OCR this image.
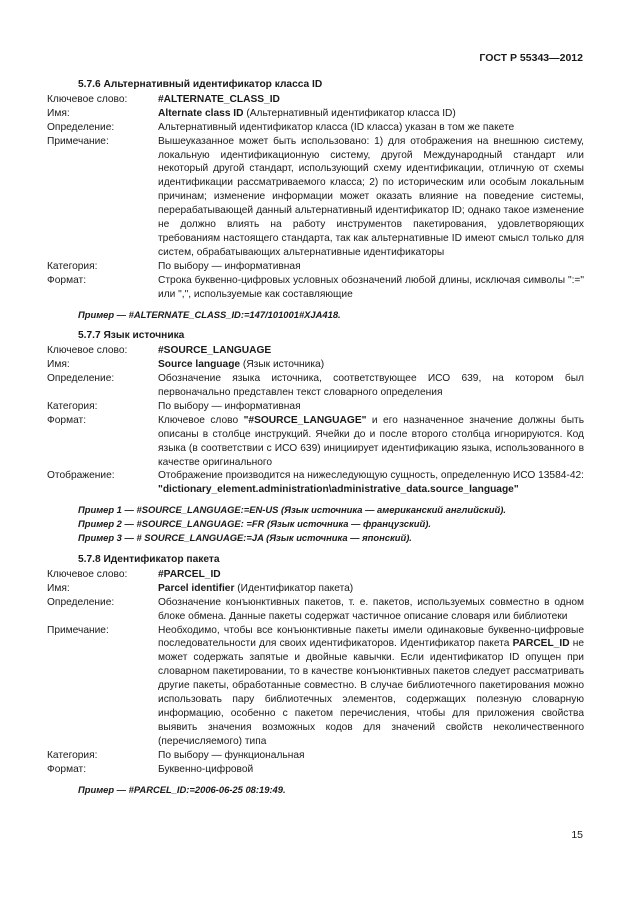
ГОСТ Р 55343—2012
5.7.6 Альтернативный идентификатор класса ID
Ключевое слово:	#ALTERNATE_CLASS_ID
Имя:	Alternate class ID (Альтернативный идентификатор класса ID)
Определение:	Альтернативный идентификатор класса (ID класса) указан в том же пакете
Примечание:	Вышеуказанное может быть использовано: 1) для отображения на внешнюю систему, локальную идентификационную систему, другой Международный стандарт или некоторый другой стандарт, использующий схему идентификации, отличную от схемы идентификации рассматриваемого класса; 2) по историческим или особым локальным причинам; изменение информации может оказать влияние на поведение системы, перерабатывающей данный альтернативный идентификатор ID; однако такое изменение не должно влиять на работу инструментов пакетирования, удовлетворяющих требованиям настоящего стандарта, так как альтернативные ID имеют смысл только для систем, обрабатывающих альтернативные идентификаторы
Категория:	По выбору — информативная
Формат:	Строка буквенно-цифровых условных обозначений любой длины, исключая символы ":=" или ",", используемые как составляющие
Пример — #ALTERNATE_CLASS_ID:=147/101001#XJA418.
5.7.7 Язык источника
Ключевое слово:	#SOURCE_LANGUAGE
Имя:	Source language (Язык источника)
Определение:	Обозначение языка источника, соответствующее ИСО 639, на котором был первоначально представлен текст словарного определения
Категория:	По выбору — информативная
Формат:	Ключевое слово "#SOURCE_LANGUAGE" и его назначенное значение должны быть описаны в столбце инструкций. Ячейки до и после второго столбца игнорируются. Код языка (в соответствии с ИСО 639) инициирует идентификацию языка, использованного в качестве оригинального
Отображение:	Отображение производится на нижеследующую сущность, определенную ИСО 13584-42: "dictionary_element.administration\administrative_data.source_language"
Пример 1 — #SOURCE_LANGUAGE:=EN-US (Язык источника — американский английский).
Пример 2 — #SOURCE_LANGUAGE: =FR (Язык источника — французский).
Пример 3 — # SOURCE_LANGUAGE:=JA (Язык источника — японский).
5.7.8 Идентификатор пакета
Ключевое слово:	#PARCEL_ID
Имя:	Parcel identifier (Идентификатор пакета)
Определение:	Обозначение конъюнктивных пакетов, т. е. пакетов, используемых совместно в одном блоке обмена. Данные пакеты содержат частичное описание словаря или библиотеки
Примечание:	Необходимо, чтобы все конъюнктивные пакеты имели одинаковые буквенно-цифровые последовательности для своих идентификаторов. Идентификатор пакета PARCEL_ID не может содержать запятые и двойные кавычки. Если идентификатор ID опущен при словарном пакетировании, то в качестве конъюнктивных пакетов следует рассматривать другие пакеты, обработанные совместно. В случае библиотечного пакетирования можно использовать пару библиотечных элементов, содержащих полезную словарную информацию, особенно с пакетом перечисления, чтобы для приложения свойства выявить значения возможных кодов для значений свойств неколичественного (перечисляемого) типа
Категория:	По выбору — функциональная
Формат:	Буквенно-цифровой
Пример — #PARCEL_ID:=2006-06-25 08:19:49.
15
